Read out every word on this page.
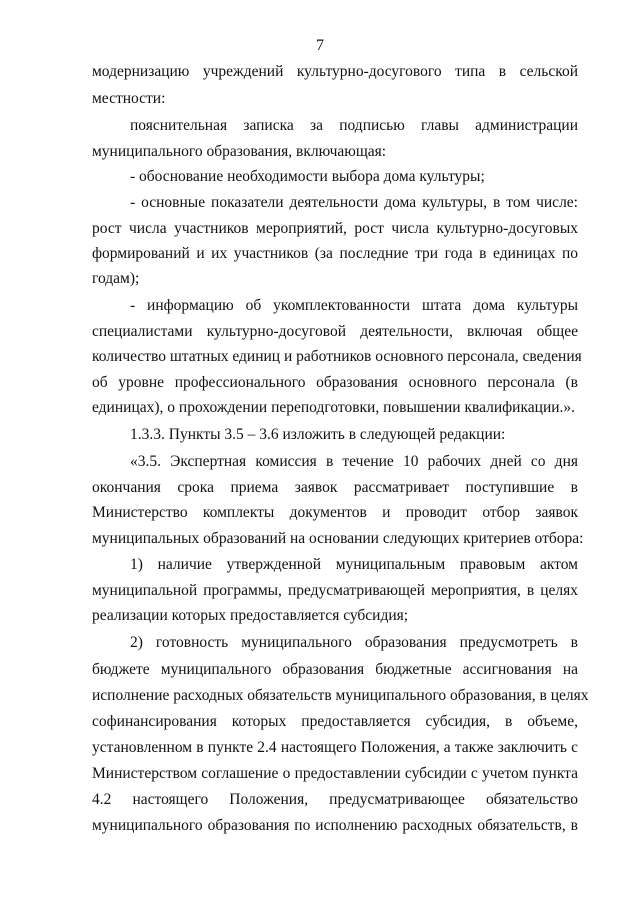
7
модернизацию учреждений культурно-досугового типа в сельской
местности:
пояснительная записка за подписью главы администрации
муниципального образования, включающая:
- обоснование необходимости выбора дома культуры;
- основные показатели деятельности дома культуры, в том числе:
рост числа участников мероприятий, рост числа культурно-досуговых
формирований и их участников (за последние три года в единицах по
годам);
- информацию об укомплектованности штата дома культуры
специалистами культурно-досуговой деятельности, включая общее
количество штатных единиц и работников основного персонала, сведения
об уровне профессионального образования основного персонала (в
единицах), о прохождении переподготовки, повышении квалификации.».
1.3.3. Пункты 3.5 – 3.6 изложить в следующей редакции:
«3.5. Экспертная комиссия в течение 10 рабочих дней со дня
окончания срока приема заявок рассматривает поступившие в
Министерство комплекты документов и проводит отбор заявок
муниципальных образований на основании следующих критериев отбора:
1) наличие утвержденной муниципальным правовым актом
муниципальной программы, предусматривающей мероприятия, в целях
реализации которых предоставляется субсидия;
2) готовность муниципального образования предусмотреть в
бюджете муниципального образования бюджетные ассигнования на
исполнение расходных обязательств муниципального образования, в целях
софинансирования которых предоставляется субсидия, в объеме,
установленном в пункте 2.4 настоящего Положения, а также заключить с
Министерством соглашение о предоставлении субсидии с учетом пункта
4.2 настоящего Положения, предусматривающее обязательство
муниципального образования по исполнению расходных обязательств, в
